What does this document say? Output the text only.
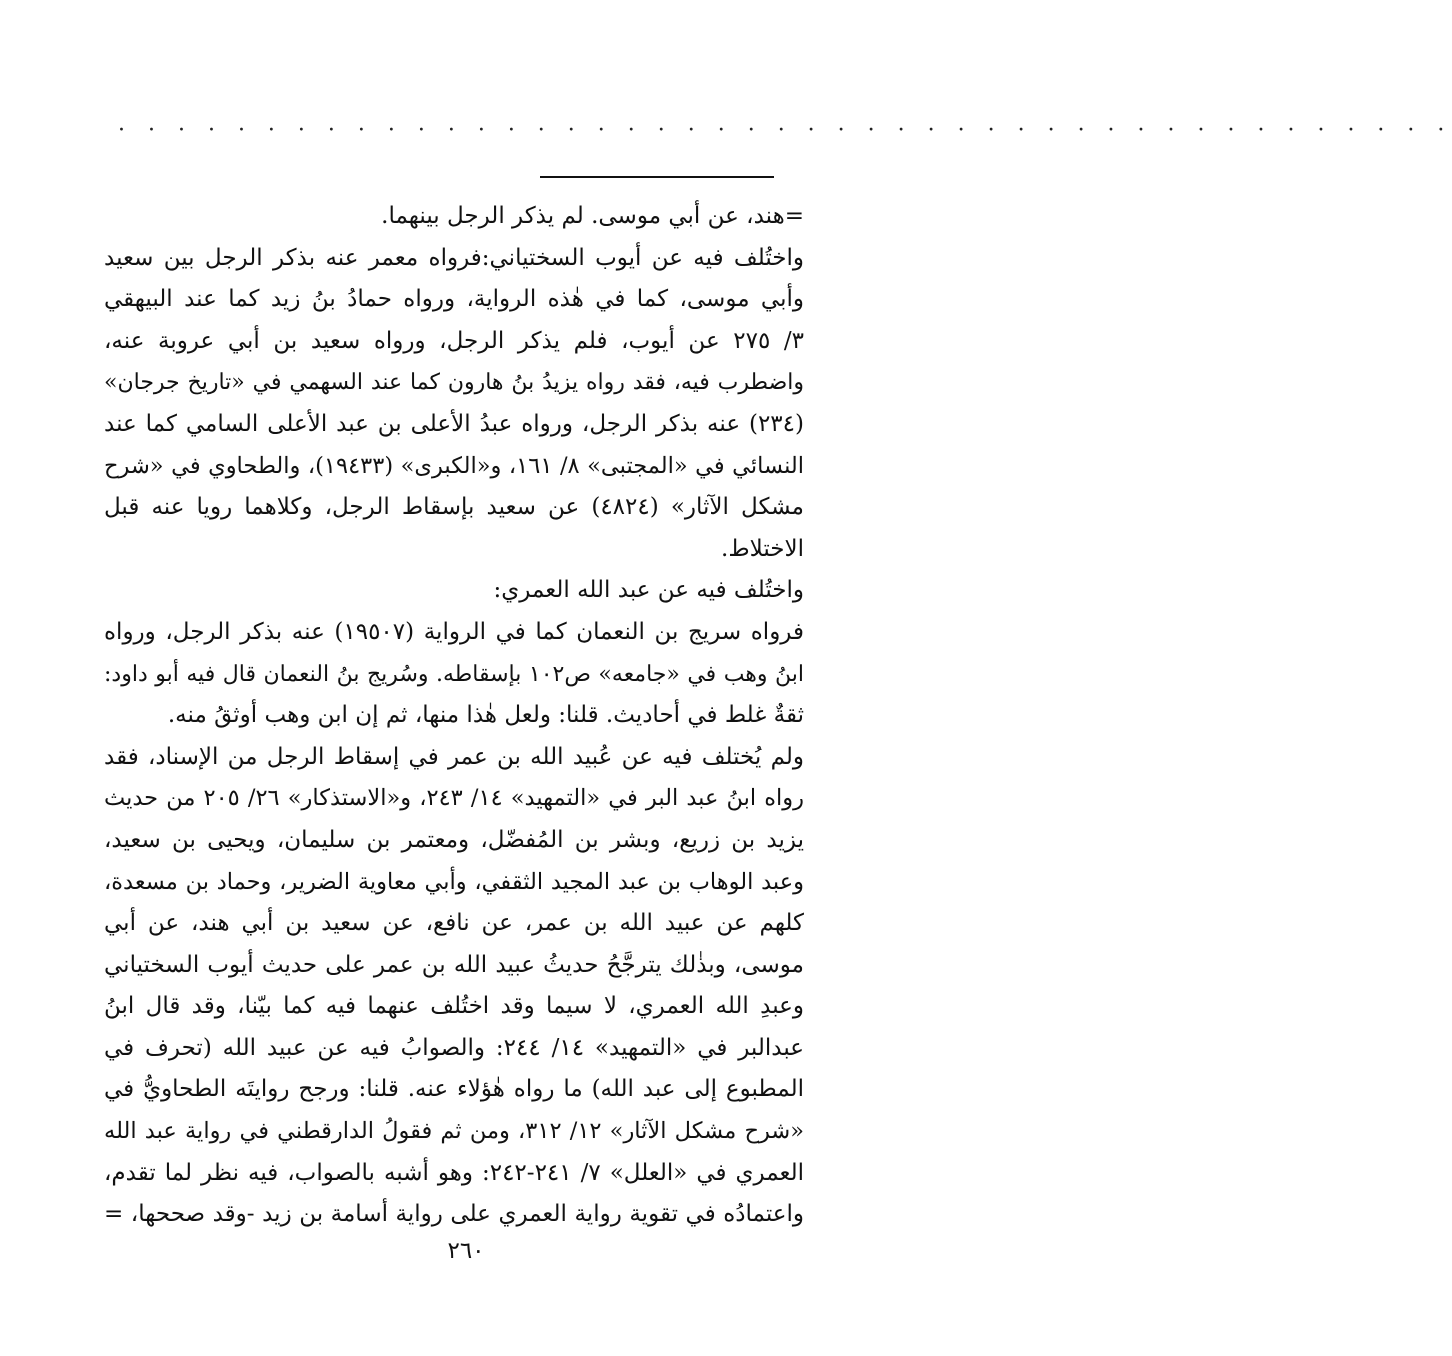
· · · · · · · · · · · · · · · · · · · · · · · · · · · · · · · · · · · · · · · · · · · · ·
=هند، عن أبي موسى. لم يذكر الرجل بينهما.
واختُلف فيه عن أيوب السختياني:فرواه معمر عنه بذكر الرجل بين سعيد
وأبي موسى، كما في هٰذه الرواية، ورواه حمادُ بنُ زيد كما عند البيهقي
٣/ ٢٧٥ عن أيوب، فلم يذكر الرجل، ورواه سعيد بن أبي عروبة عنه،
واضطرب فيه، فقد رواه يزيدُ بنُ هارون كما عند السهمي في «تاريخ جرجان»
(٢٣٤) عنه بذكر الرجل، ورواه عبدُ الأعلى بن عبد الأعلى السامي كما عند
النسائي في «المجتبى» ٨/ ١٦١، و«الكبرى» (١٩٤٣٣)، والطحاوي في «شرح
مشكل الآثار» (٤٨٢٤) عن سعيد بإسقاط الرجل، وكلاهما رويا عنه قبل
الاختلاط.
واختُلف فيه عن عبد الله العمري:
فرواه سريج بن النعمان كما في الرواية (١٩٥٠٧) عنه بذكر الرجل، ورواه
ابنُ وهب في «جامعه» ص١٠٢ بإسقاطه. وسُريج بنُ النعمان قال فيه أبو داود:
ثقةٌ غلط في أحاديث. قلنا: ولعل هٰذا منها، ثم إن ابن وهب أوثقُ منه.
ولم يُختلف فيه عن عُبيد الله بن عمر في إسقاط الرجل من الإسناد، فقد
رواه ابنُ عبد البر في «التمهيد» ١٤/ ٢٤٣، و«الاستذكار» ٢٦/ ٢٠٥ من حديث
يزيد بن زريع، وبشر بن المُفضّل، ومعتمر بن سليمان، ويحيى بن سعيد،
وعبد الوهاب بن عبد المجيد الثقفي، وأبي معاوية الضرير، وحماد بن مسعدة،
كلهم عن عبيد الله بن عمر، عن نافع، عن سعيد بن أبي هند، عن أبي
موسى، وبذٰلك يترجَّحُ حديثُ عبيد الله بن عمر على حديث أيوب السختياني
وعبدِ الله العمري، لا سيما وقد اختُلف عنهما فيه كما بيّنا، وقد قال ابنُ
عبدالبر في «التمهيد» ١٤/ ٢٤٤: والصوابُ فيه عن عبيد الله (تحرف في
المطبوع إلى عبد الله) ما رواه هٰؤلاء عنه. قلنا: ورجح روايتَه الطحاويُّ في
«شرح مشكل الآثار» ١٢/ ٣١٢، ومن ثم فقولُ الدارقطني في رواية عبد الله
العمري في «العلل» ٧/ ٢٤١-٢٤٢: وهو أشبه بالصواب، فيه نظر لما تقدم،
واعتمادُه في تقوية رواية العمري على رواية أسامة بن زيد -وقد صححها، =
٢٦٠
